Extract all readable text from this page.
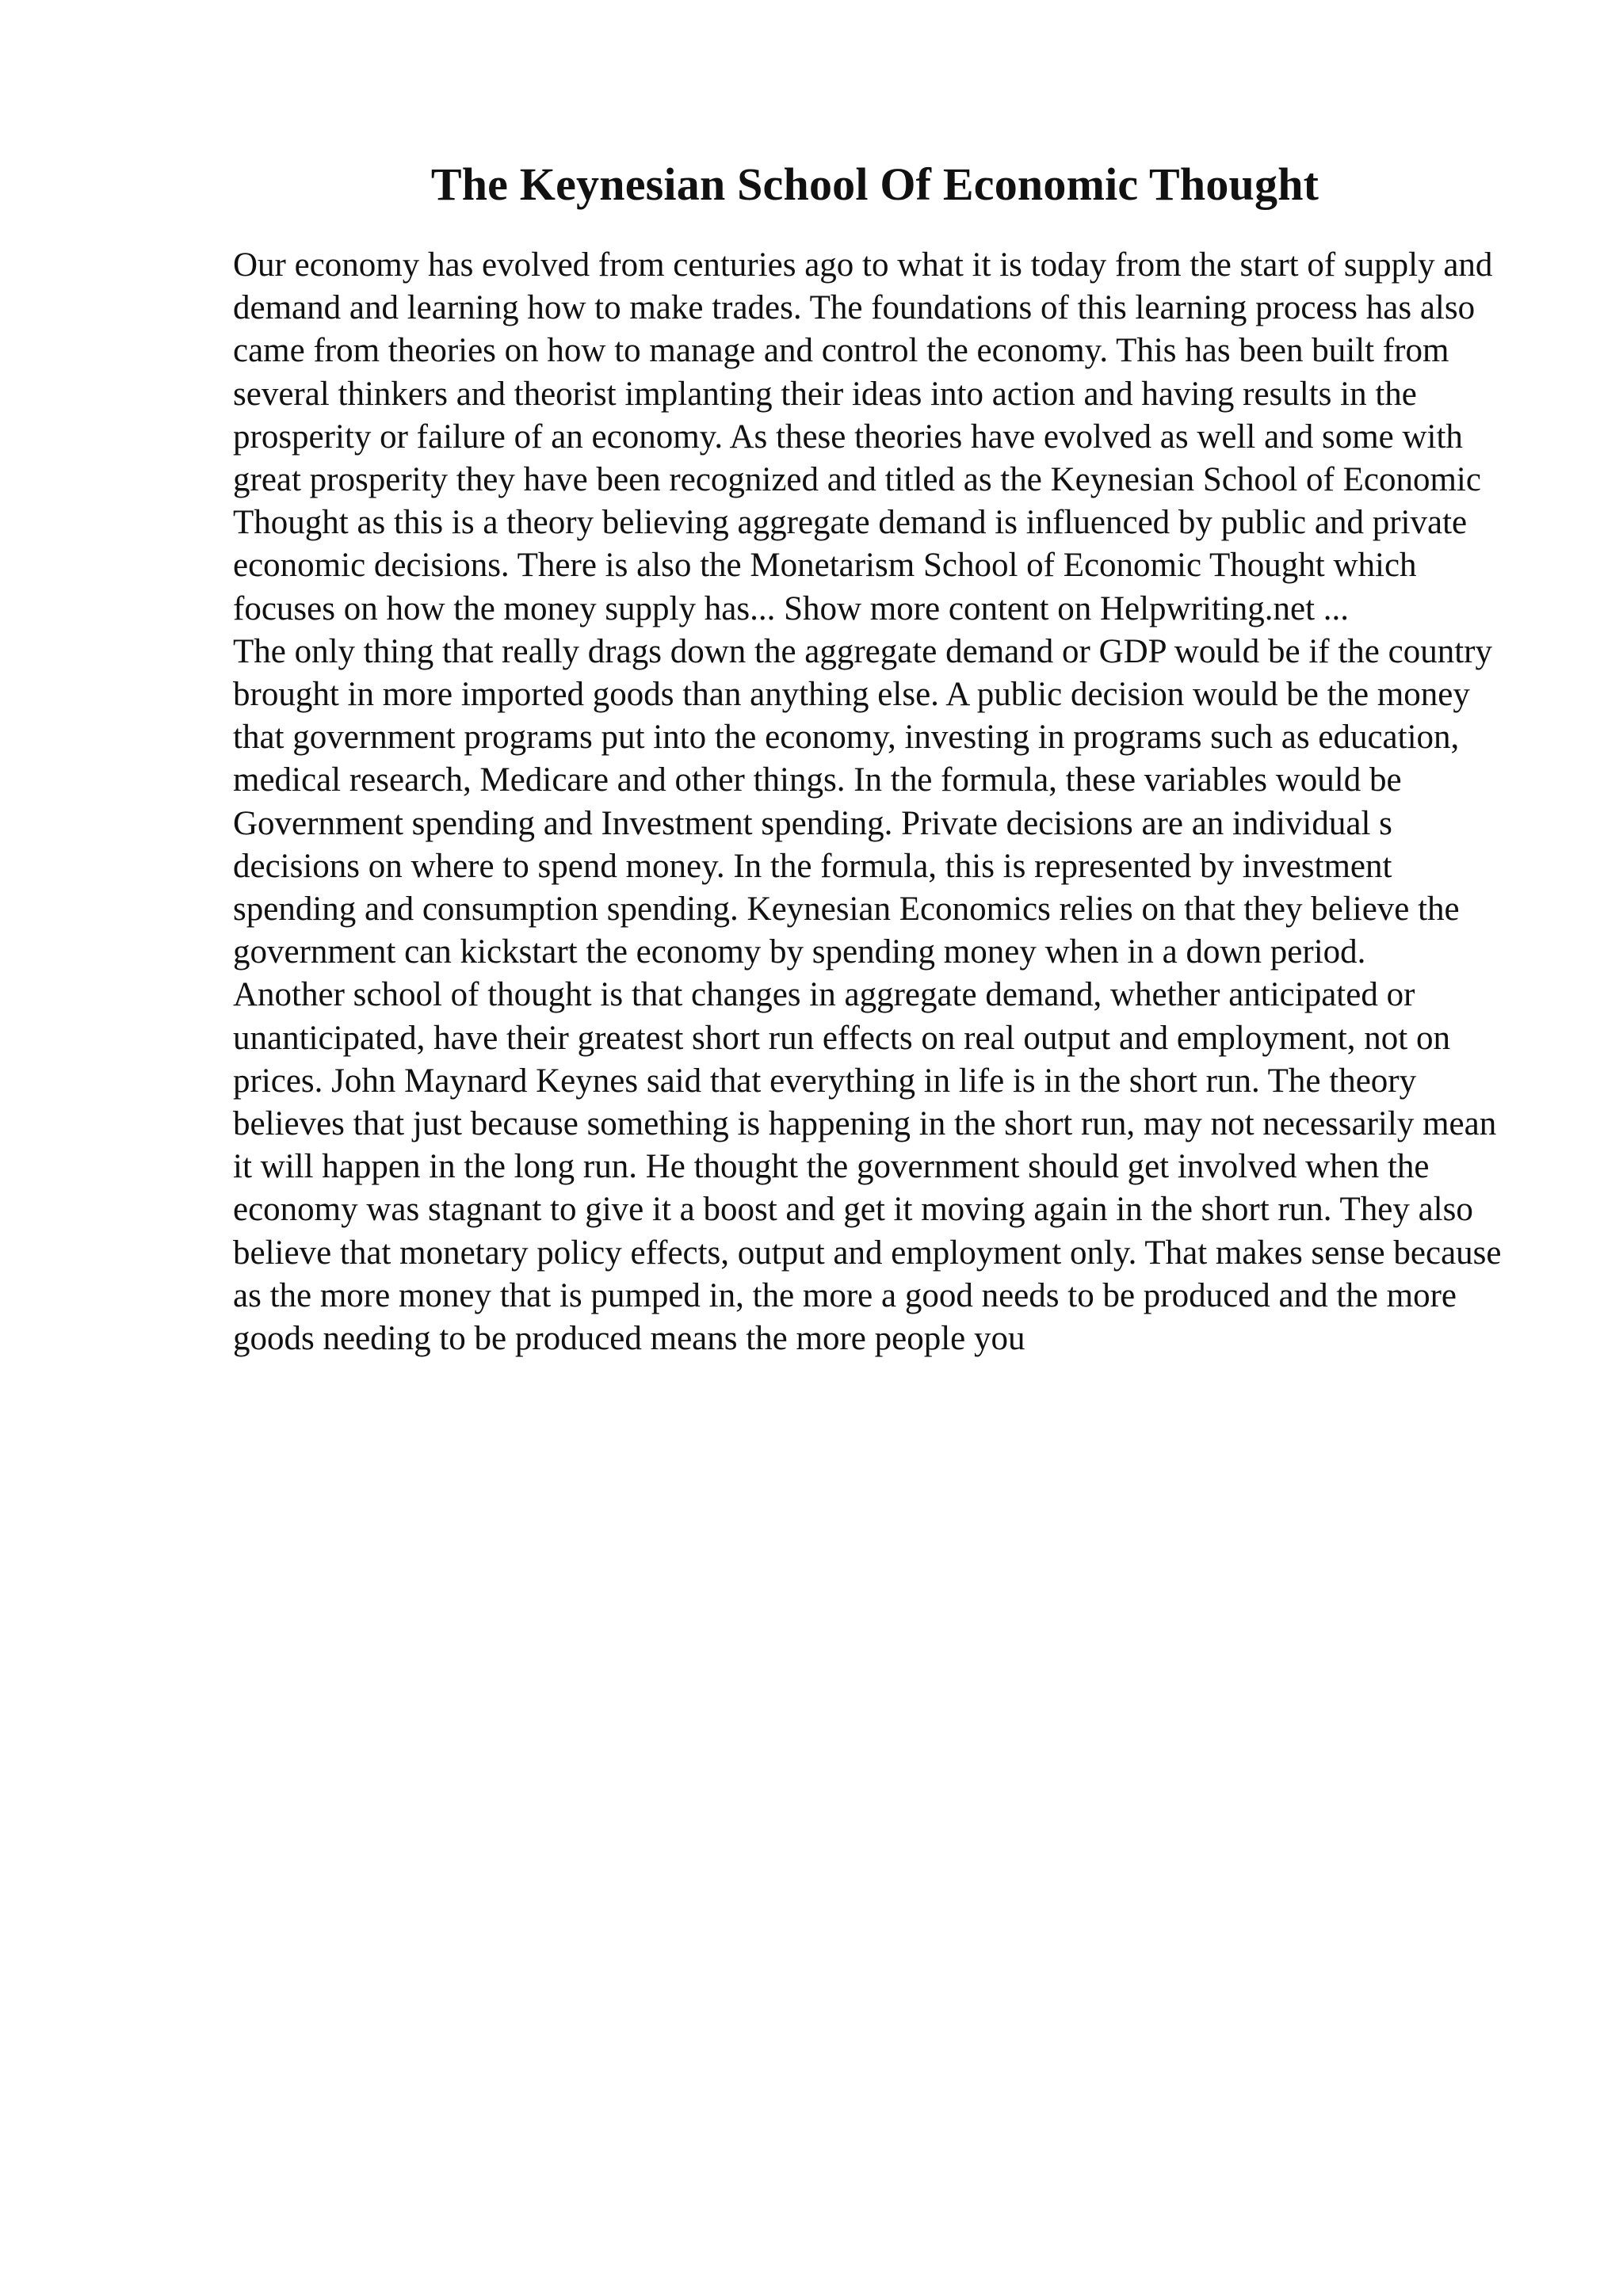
The Keynesian School Of Economic Thought

Our economy has evolved from centuries ago to what it is today from the start of supply and demand and learning how to make trades. The foundations of this learning process has also came from theories on how to manage and control the economy. This has been built from several thinkers and theorist implanting their ideas into action and having results in the prosperity or failure of an economy. As these theories have evolved as well and some with great prosperity they have been recognized and titled as the Keynesian School of Economic Thought as this is a theory believing aggregate demand is influenced by public and private economic decisions. There is also the Monetarism School of Economic Thought which focuses on how the money supply has... Show more content on Helpwriting.net ...

The only thing that really drags down the aggregate demand or GDP would be if the country brought in more imported goods than anything else. A public decision would be the money that government programs put into the economy, investing in programs such as education, medical research, Medicare and other things. In the formula, these variables would be Government spending and Investment spending. Private decisions are an individual s decisions on where to spend money. In the formula, this is represented by investment spending and consumption spending. Keynesian Economics relies on that they believe the government can kickstart the economy by spending money when in a down period.

Another school of thought is that changes in aggregate demand, whether anticipated or unanticipated, have their greatest short run effects on real output and employment, not on prices. John Maynard Keynes said that everything in life is in the short run. The theory believes that just because something is happening in the short run, may not necessarily mean it will happen in the long run. He thought the government should get involved when the economy was stagnant to give it a boost and get it moving again in the short run. They also believe that monetary policy effects, output and employment only. That makes sense because as the more money that is pumped in, the more a good needs to be produced and the more goods needing to be produced means the more people you
